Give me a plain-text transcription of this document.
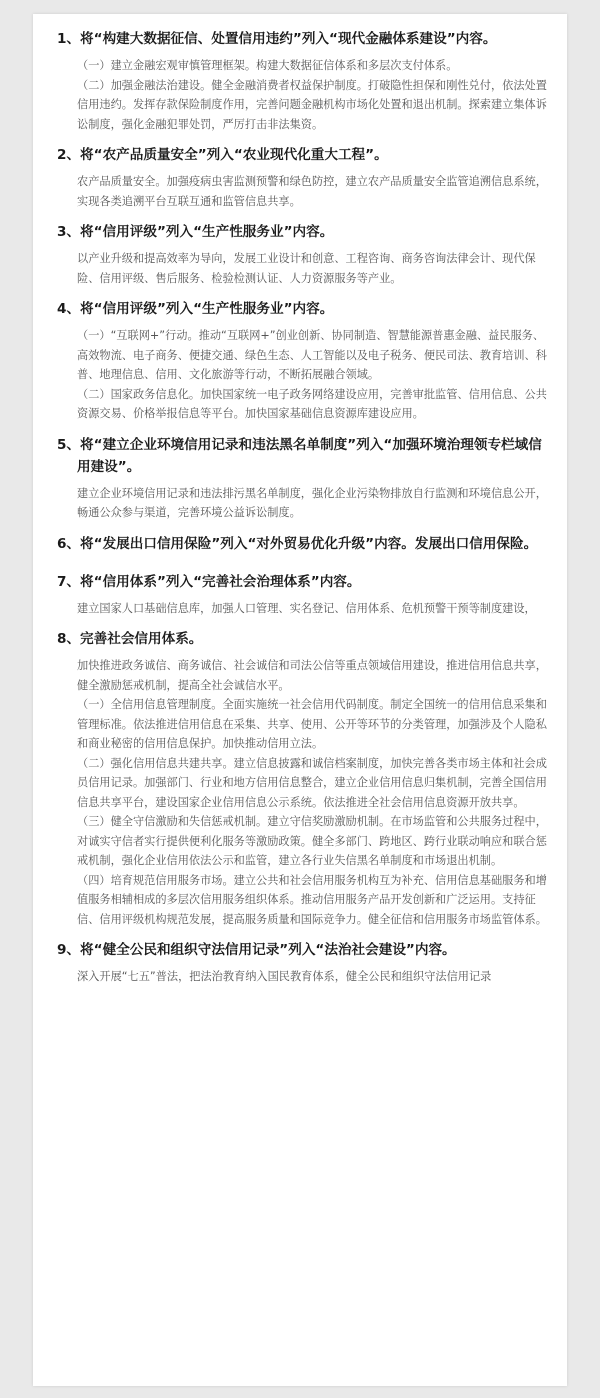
1、将“构建大数据征信、处置信用违约”列入“现代金融体系建设”内容。
（一）建立金融宏观审慎管理框架。构建大数据征信体系和多层次支付体系。
（二）加强金融法治建设。健全金融消费者权益保护制度。打破隐性担保和刚性兑付，依法处置信用违约。发挥存款保险制度作用，完善问题金融机构市场化处置和退出机制。探索建立集体诉讼制度，强化金融犯罪处罚，严厉打击非法集资。
2、将“农产品质量安全”列入“农业现代化重大工程”。
农产品质量安全。加强疫病虫害监测预警和绿色防控，建立农产品质量安全监管追溯信息系统，实现各类追溯平台互联互通和监管信息共享。
3、将“信用评级”列入“生产性服务业”内容。
以产业升级和提高效率为导向，发展工业设计和创意、工程咨询、商务咨询法律会计、现代保险、信用评级、售后服务、检验检测认证、人力资源服务等产业。
4、将“信用评级”列入“生产性服务业”内容。
（一）“互联网+”行动。推动“互联网+”创业创新、协同制造、智慧能源普惠金融、益民服务、高效物流、电子商务、便捷交通、绿色生态、人工智能以及电子税务、便民司法、教育培训、科普、地理信息、信用、文化旅游等行动，不断拓展融合领域。
（二）国家政务信息化。加快国家统一电子政务网络建设应用，完善审批监管、信用信息、公共资源交易、价格举报信息等平台。加快国家基础信息资源库建设应用。
5、将“建立企业环境信用记录和违法黑名单制度”列入“加强环境治理领专栏域信用建设”。
建立企业环境信用记录和违法排污黑名单制度，强化企业污染物排放自行监测和环境信息公开，畅通公众参与渠道，完善环境公益诉讼制度。
6、将“发展出口信用保险”列入“对外贸易优化升级”内容。发展出口信用保险。
7、将“信用体系”列入“完善社会治理体系”内容。
建立国家人口基础信息库，加强人口管理、实名登记、信用体系、危机预警干预等制度建设，
8、完善社会信用体系。
加快推进政务诚信、商务诚信、社会诚信和司法公信等重点领域信用建设，推进信用信息共享，健全激励惩戒机制，提高全社会诚信水平。
（一）全信用信息管理制度。全面实施统一社会信用代码制度。制定全国统一的信用信息采集和管理标准。依法推进信用信息在采集、共享、使用、公开等环节的分类管理，加强涉及个人隐私和商业秘密的信用信息保护。加快推动信用立法。
（二）强化信用信息共建共享。建立信息披露和诚信档案制度，加快完善各类市场主体和社会成员信用记录。加强部门、行业和地方信用信息整合，建立企业信用信息归集机制，完善全国信用信息共享平台，建设国家企业信用信息公示系统。依法推进全社会信用信息资源开放共享。
（三）健全守信激励和失信惩戒机制。建立守信奖励激励机制。在市场监管和公共服务过程中，对诚实守信者实行提供便利化服务等激励政策。健全多部门、跨地区、跨行业联动响应和联合惩戒机制，强化企业信用依法公示和监管，建立各行业失信黑名单制度和市场退出机制。
（四）培育规范信用服务市场。建立公共和社会信用服务机构互为补充、信用信息基础服务和增值服务相辅相成的多层次信用服务组织体系。推动信用服务产品开发创新和广泛运用。支持征信、信用评级机构规范发展，提高服务质量和国际竞争力。健全征信和信用服务市场监管体系。
9、将“健全公民和组织守法信用记录”列入“法治社会建设”内容。
深入开展“七五”普法，把法治教育纳入国民教育体系，健全公民和组织守法信用记录
